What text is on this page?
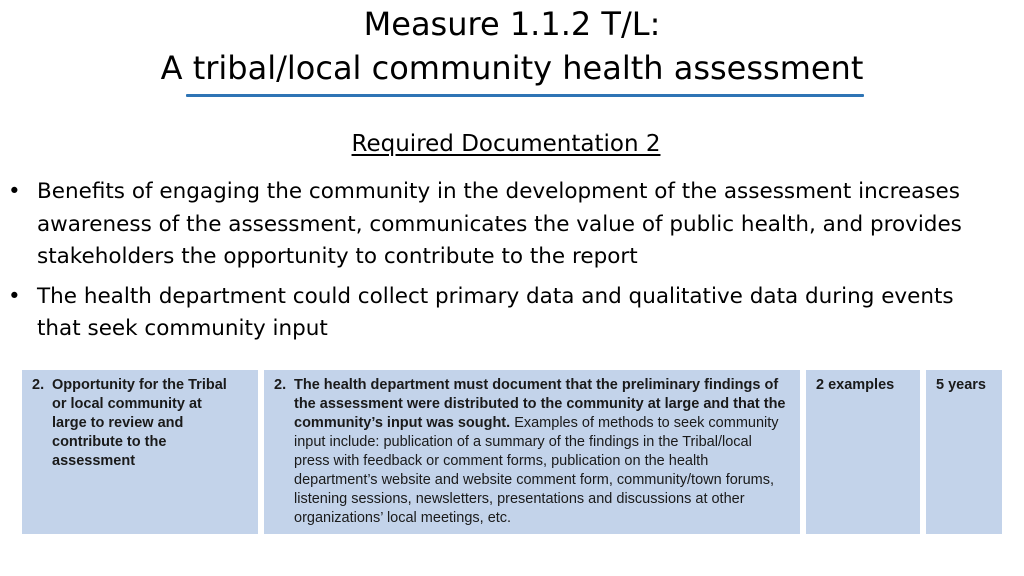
Measure 1.1.2 T/L:
A tribal/local community health assessment
Required Documentation 2
• Benefits of engaging the community in the development of the assessment increases awareness of the assessment, communicates the value of public health, and provides stakeholders the opportunity to contribute to the report
• The health department could collect primary data and qualitative data during events that seek community input
2. Opportunity for the Tribal or local community at large to review and contribute to the assessment
2. The health department must document that the preliminary findings of the assessment were distributed to the community at large and that the community’s input was sought. Examples of methods to seek community input include: publication of a summary of the findings in the Tribal/local press with feedback or comment forms, publication on the health department’s website and website comment form, community/town forums, listening sessions, newsletters, presentations and discussions at other organizations’ local meetings, etc.
2 examples	5 years
